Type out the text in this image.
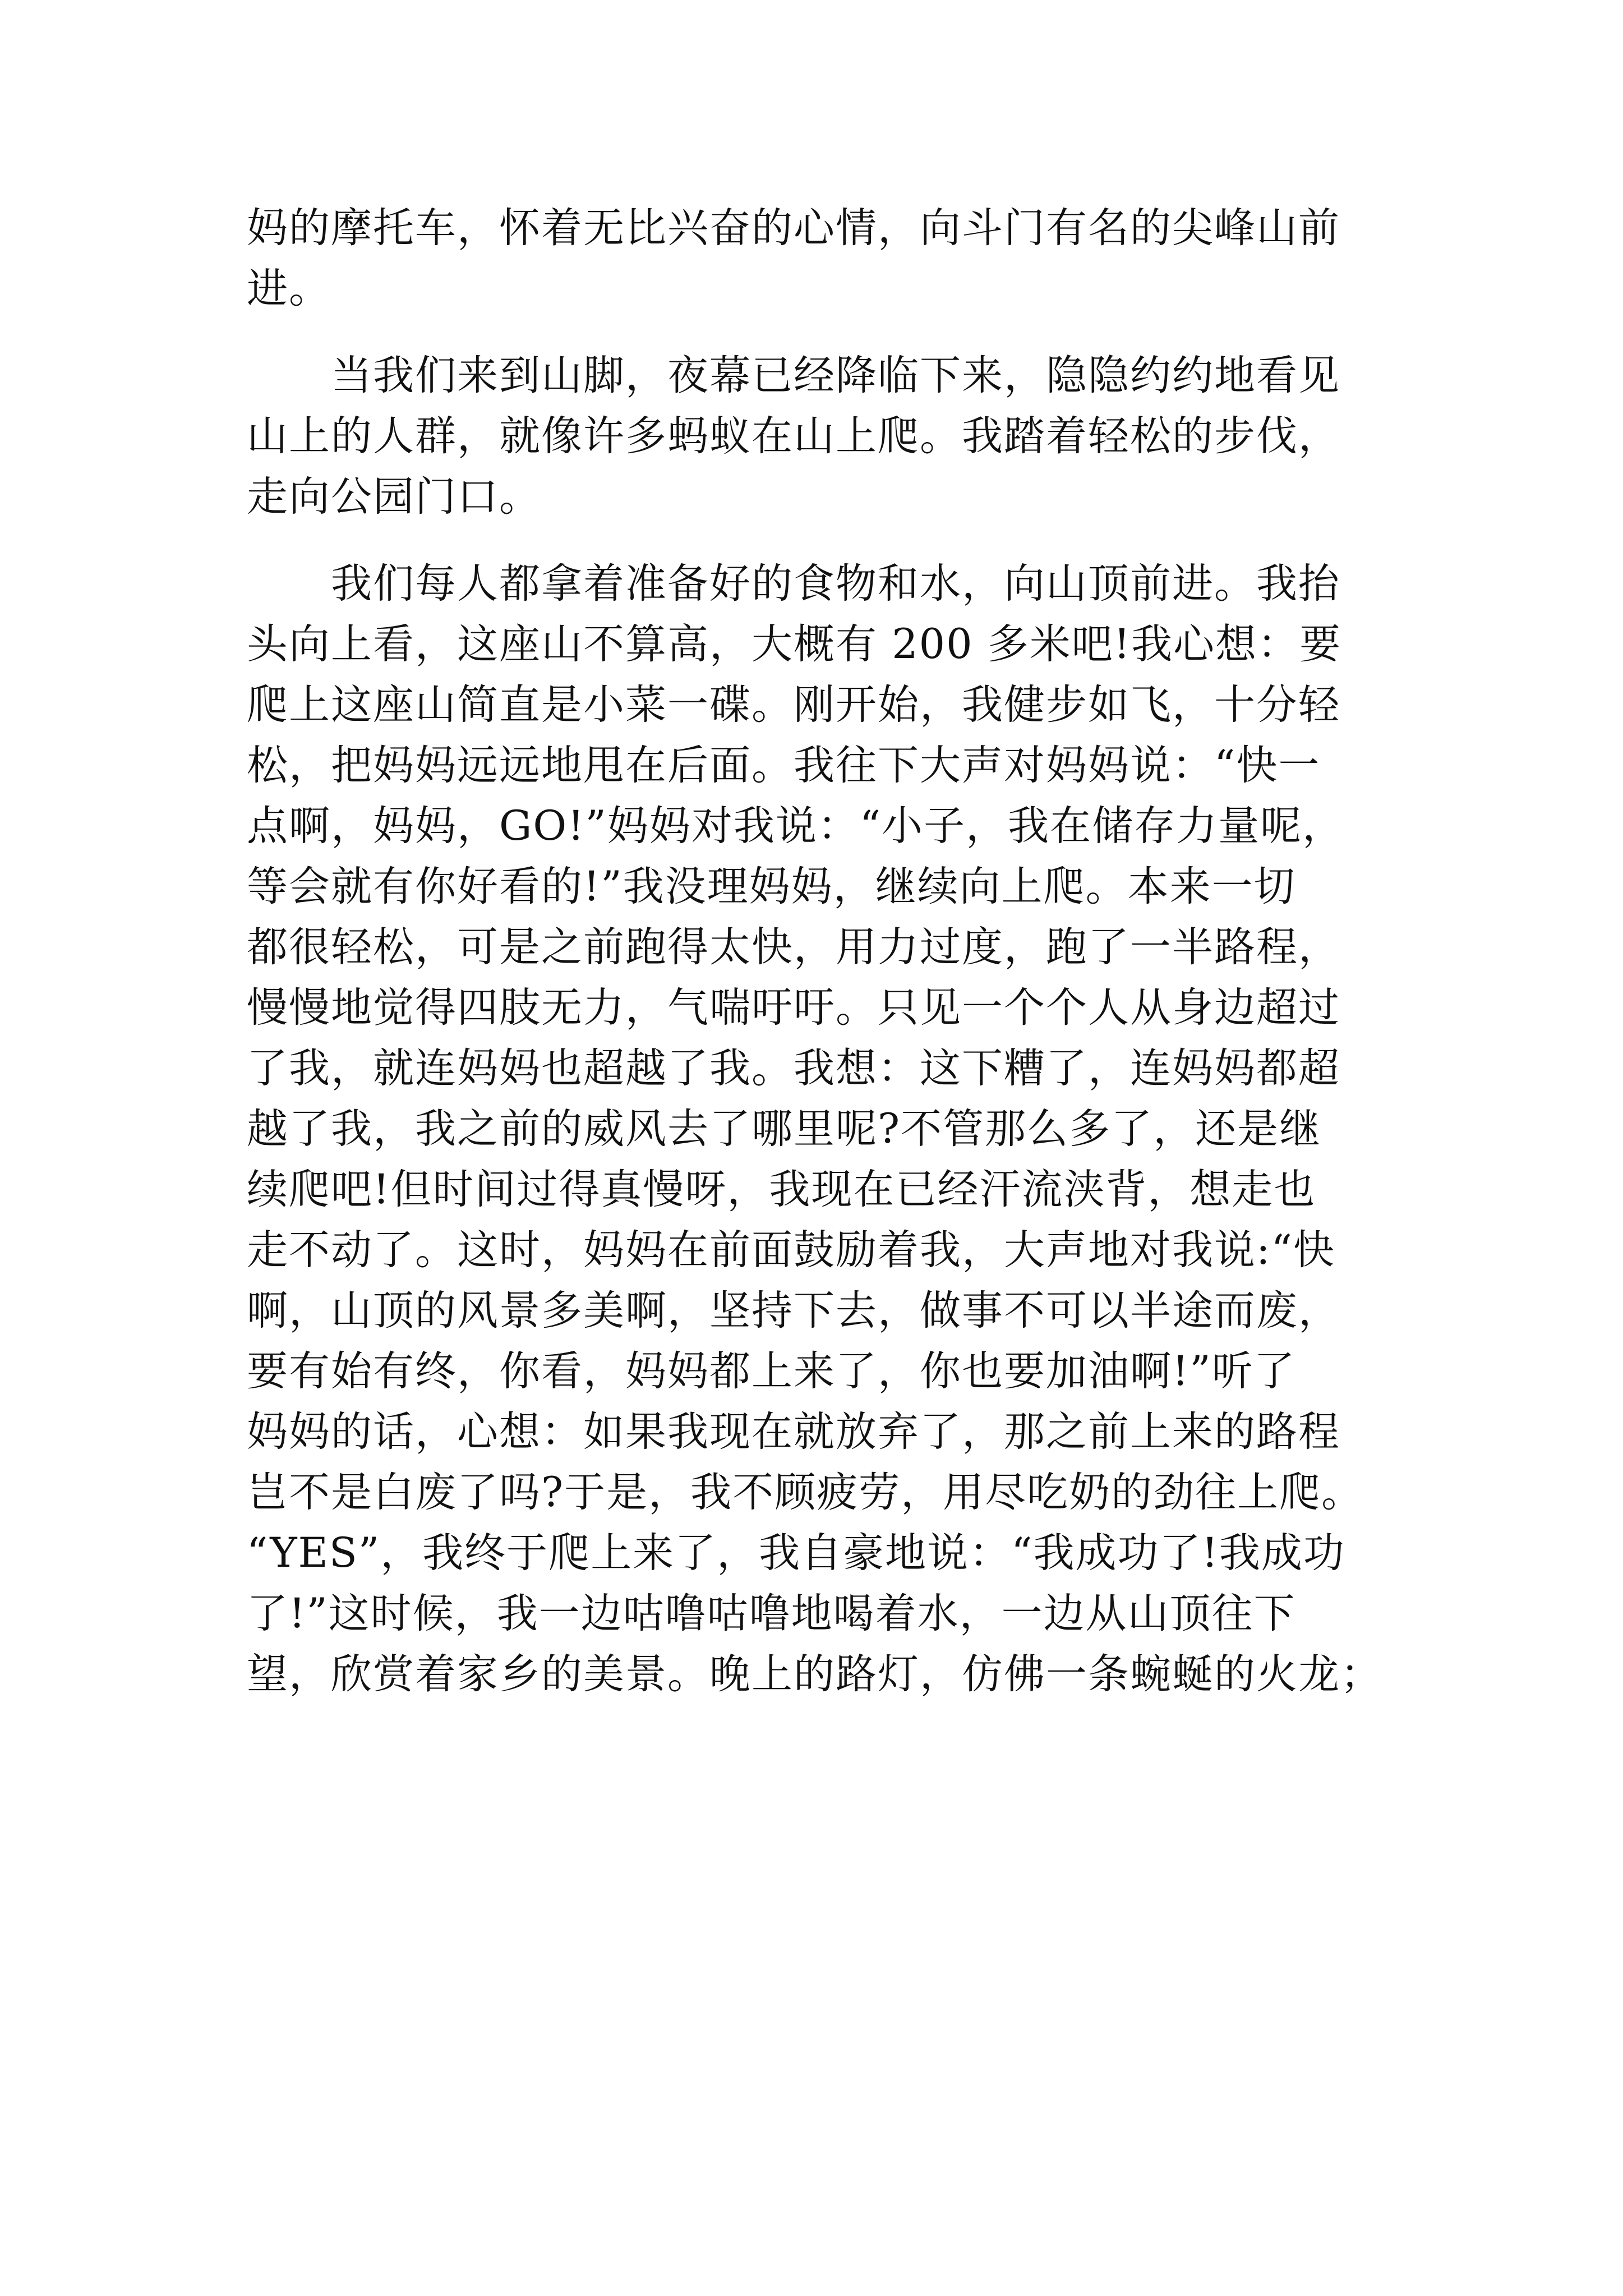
妈的摩托车，怀着无比兴奋的心情，向斗门有名的尖峰山前
进。
当我们来到山脚，夜幕已经降临下来，隐隐约约地看见
山上的人群，就像许多蚂蚁在山上爬。我踏着轻松的步伐，
走向公园门口。
我们每人都拿着准备好的食物和水，向山顶前进。我抬
头向上看，这座山不算高，大概有 200 多米吧!我心想：要
爬上这座山简直是小菜一碟。刚开始，我健步如飞，十分轻
松，把妈妈远远地甩在后面。我往下大声对妈妈说：“快一
点啊，妈妈，GO!”妈妈对我说：“小子，我在储存力量呢，
等会就有你好看的!”我没理妈妈，继续向上爬。本来一切
都很轻松，可是之前跑得太快，用力过度，跑了一半路程，
慢慢地觉得四肢无力，气喘吁吁。只见一个个人从身边超过
了我，就连妈妈也超越了我。我想：这下糟了，连妈妈都超
越了我，我之前的威风去了哪里呢?不管那么多了，还是继
续爬吧!但时间过得真慢呀，我现在已经汗流浃背，想走也
走不动了。这时，妈妈在前面鼓励着我，大声地对我说:“快
啊，山顶的风景多美啊，坚持下去，做事不可以半途而废，
要有始有终，你看，妈妈都上来了，你也要加油啊!”听了
妈妈的话，心想：如果我现在就放弃了，那之前上来的路程
岂不是白废了吗?于是，我不顾疲劳，用尽吃奶的劲往上爬。
“YES”，我终于爬上来了，我自豪地说：“我成功了!我成功
了!”这时候，我一边咕噜咕噜地喝着水，一边从山顶往下
望，欣赏着家乡的美景。晚上的路灯，仿佛一条蜿蜒的火龙；
